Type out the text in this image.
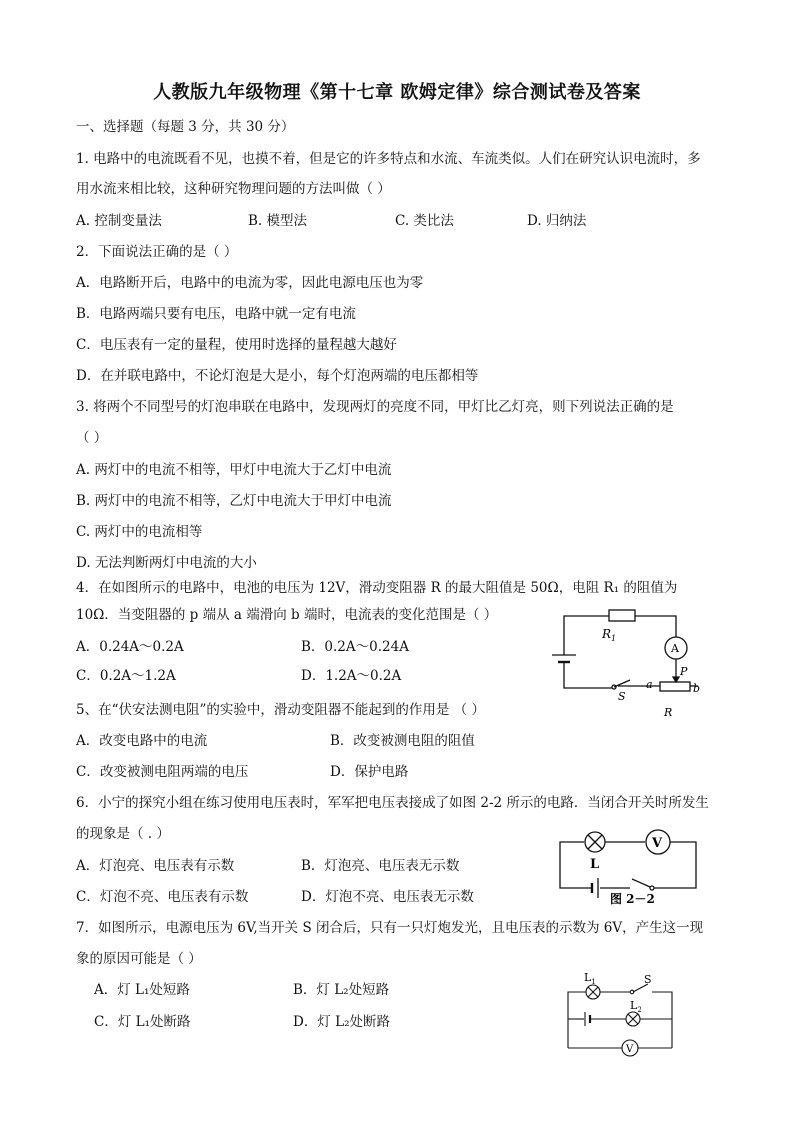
人教版九年级物理《第十七章 欧姆定律》综合测试卷及答案
一、选择题（每题 3 分，共 30 分）
1. 电路中的电流既看不见，也摸不着，但是它的许多特点和水流、车流类似。人们在研究认识电流时，多
用水流来相比较，这种研究物理问题的方法叫做（ ）
A. 控制变量法	B. 模型法	C. 类比法	D. 归纳法
2．下面说法正确的是（ ）
A．电路断开后，电路中的电流为零，因此电源电压也为零
B．电路两端只要有电压，电路中就一定有电流
C．电压表有一定的量程，使用时选择的量程越大越好
D．在并联电路中，不论灯泡是大是小，每个灯泡两端的电压都相等
3. 将两个不同型号的灯泡串联在电路中，发现两灯的亮度不同，甲灯比乙灯亮，则下列说法正确的是
（ ）
A. 两灯中的电流不相等，甲灯中电流大于乙灯中电流
B. 两灯中的电流不相等，乙灯中电流大于甲灯中电流
C. 两灯中的电流相等
D. 无法判断两灯中电流的大小
4．在如图所示的电路中，电池的电压为 12V，滑动变阻器 R 的最大阻值是 50Ω，电阻 R₁ 的阻值为
10Ω．当变阻器的 p 端从 a 端滑向 b 端时，电流表的变化范围是（ ）
A．0.24A～0.2A	B．0.2A～0.24A
C．0.2A～1.2A	D．1.2A～0.2A
$R_1$
A
P
a	b
S
R
5、在“伏安法测电阻”的实验中，滑动变阻器不能起到的作用是 （ ）
A．改变电路中的电流	B．改变被测电阻的阻值
C．改变被测电阻两端的电压	D．保护电路
6．小宁的探究小组在练习使用电压表时，军军把电压表接成了如图 2-2 所示的电路．当闭合开关时所发生
的现象是（ . ）
A．灯泡亮、电压表有示数	B．灯泡亮、电压表无示数
C．灯泡不亮、电压表有示数	D．灯泡不亮、电压表无示数
V
L
图 2－2
7．如图所示，电源电压为 6V,当开关 S 闭合后，只有一只灯炮发光，且电压表的示数为 6V，产生这一现
象的原因可能是（ ）
A．灯 L₁处短路	B．灯 L₂处短路
C．灯 L₁处断路	D．灯 L₂处断路
$L_1$	S
$L_2$
V
